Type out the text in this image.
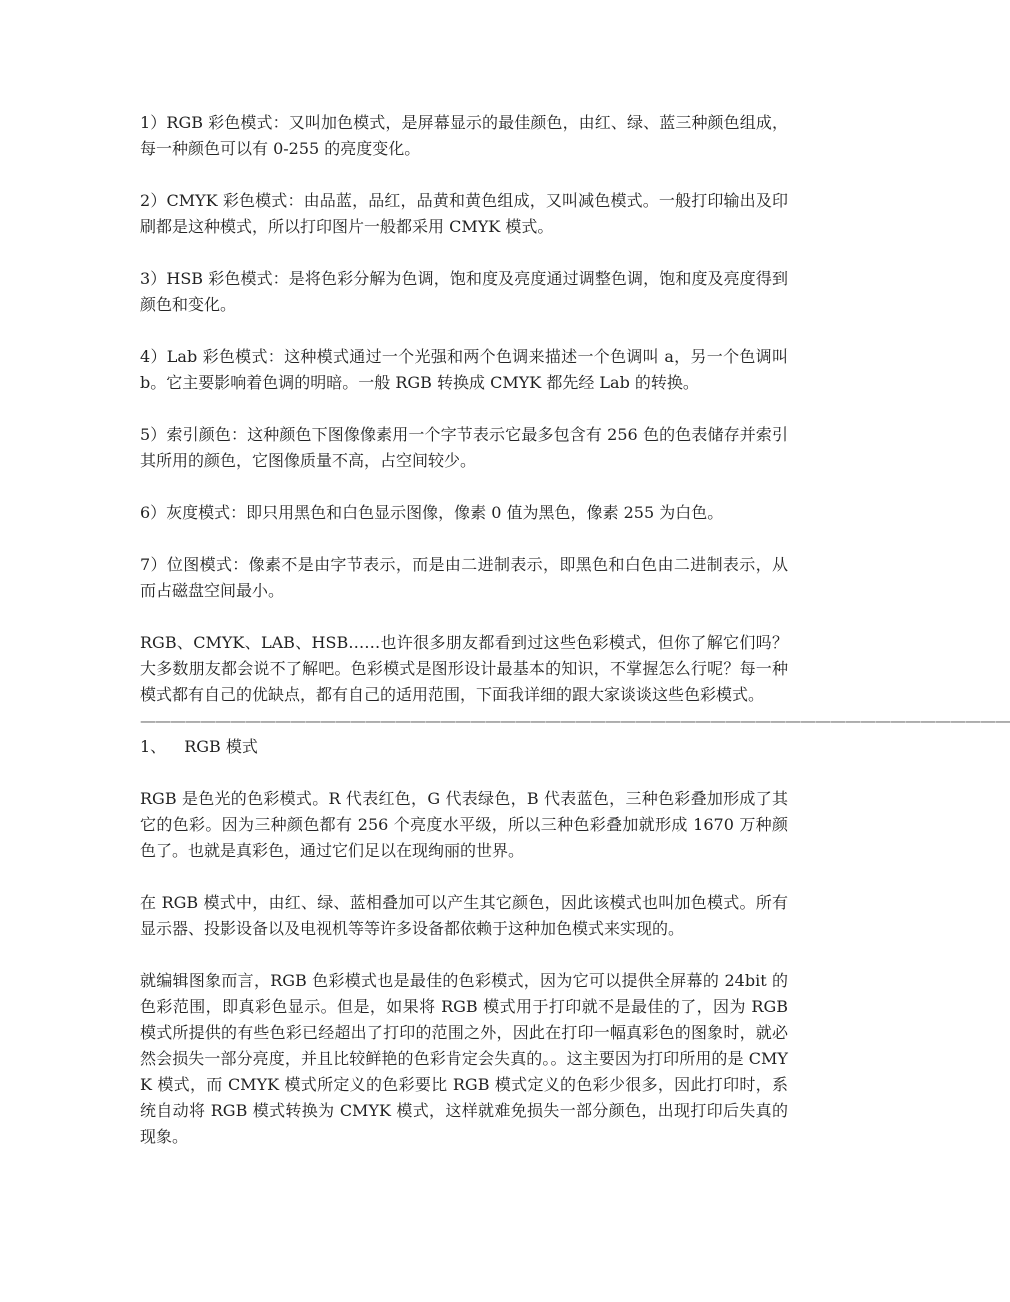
1）RGB 彩色模式：又叫加色模式，是屏幕显示的最佳颜色，由红、绿、蓝三种颜色组成，每一种颜色可以有 0-255 的亮度变化。

2）CMYK 彩色模式：由品蓝，品红，品黄和黄色组成，又叫减色模式。一般打印输出及印刷都是这种模式，所以打印图片一般都采用 CMYK 模式。

3）HSB 彩色模式：是将色彩分解为色调，饱和度及亮度通过调整色调，饱和度及亮度得到颜色和变化。

4）Lab 彩色模式：这种模式通过一个光强和两个色调来描述一个色调叫 a，另一个色调叫 b。它主要影响着色调的明暗。一般 RGB 转换成 CMYK 都先经 Lab 的转换。

5）索引颜色：这种颜色下图像像素用一个字节表示它最多包含有 256 色的色表储存并索引其所用的颜色，它图像质量不高，占空间较少。

6）灰度模式：即只用黑色和白色显示图像，像素 0 值为黑色，像素 255 为白色。

7）位图模式：像素不是由字节表示，而是由二进制表示，即黑色和白色由二进制表示，从而占磁盘空间最小。

RGB、CMYK、LAB、HSB……也许很多朋友都看到过这些色彩模式，但你了解它们吗？大多数朋友都会说不了解吧。色彩模式是图形设计最基本的知识，不掌握怎么行呢？每一种模式都有自己的优缺点，都有自己的适用范围，下面我详细的跟大家谈谈这些色彩模式。

——————————————————————————————————————————————————————————

1、 RGB 模式

RGB 是色光的色彩模式。R 代表红色，G 代表绿色，B 代表蓝色，三种色彩叠加形成了其它的色彩。因为三种颜色都有 256 个亮度水平级，所以三种色彩叠加就形成 1670 万种颜色了。也就是真彩色，通过它们足以在现绚丽的世界。

在 RGB 模式中，由红、绿、蓝相叠加可以产生其它颜色，因此该模式也叫加色模式。所有显示器、投影设备以及电视机等等许多设备都依赖于这种加色模式来实现的。

就编辑图象而言，RGB 色彩模式也是最佳的色彩模式，因为它可以提供全屏幕的 24bit 的色彩范围，即真彩色显示。但是，如果将 RGB 模式用于打印就不是最佳的了，因为 RGB 模式所提供的有些色彩已经超出了打印的范围之外，因此在打印一幅真彩色的图象时，就必然会损失一部分亮度，并且比较鲜艳的色彩肯定会失真的。。这主要因为打印所用的是 CMYK 模式，而 CMYK 模式所定义的色彩要比 RGB 模式定义的色彩少很多，因此打印时，系统自动将 RGB 模式转换为 CMYK 模式，这样就难免损失一部分颜色，出现打印后失真的现象。
